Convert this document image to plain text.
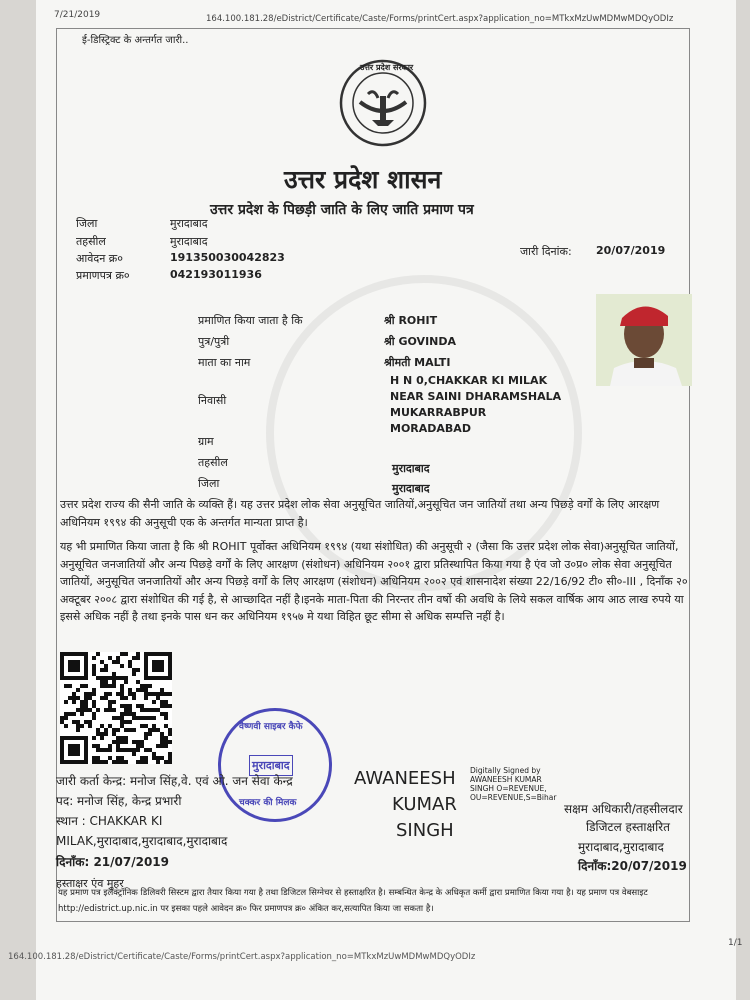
7/21/2019	164.100.181.28/eDistrict/Certificate/Caste/Forms/printCert.aspx?application_no=MTkxMzUwMDMwMDQyODIz
ई-डिस्ट्रिक्ट के अन्तर्गत जारी..
उत्तर प्रदेश सरकार
उत्तर प्रदेश शासन
उत्तर प्रदेश के पिछड़ी जाति के लिए जाति प्रमाण पत्र
जिला	मुरादाबाद
तहसील	मुरादाबाद
आवेदन क्र०	191350030042823
प्रमाणपत्र क्र०	042193011936
जारी दिनांक: 20/07/2019
प्रमाणित किया जाता है कि	श्री ROHIT
पुत्र/पुत्री	श्री GOVINDA
माता का नाम	श्रीमती MALTI
निवासी
H N 0,CHAKKAR KI MILAK
NEAR SAINI DHARAMSHALA
MUKARRABPUR
MORADABAD
ग्राम
तहसील	मुरादाबाद
जिला	मुरादाबाद
उत्तर प्रदेश राज्य की सैनी जाति के व्यक्ति हैं। यह उत्तर प्रदेश लोक सेवा अनुसूचित जातियों,अनुसूचित जन जातियों तथा अन्य पिछड़े वर्गों के लिए आरक्षण अधिनियम १९९४ की अनुसूची एक के अन्तर्गत मान्यता प्राप्त है।
यह भी प्रमाणित किया जाता है कि श्री ROHIT पूर्वोक्त अधिनियम १९९४ (यथा संशोधित) की अनुसूची २ (जैसा कि उत्तर प्रदेश लोक सेवा)अनुसूचित जातियों, अनुसूचित जनजातियों और अन्य पिछड़े वर्गों के लिए आरक्षण (संशोधन) अधिनियम २००१ द्वारा प्रतिस्थापित किया गया है एंव जो उ०प्र० लोक सेवा अनुसूचित जातियों, अनुसूचित जनजातियों और अन्य पिछड़े वर्गों के लिए आरक्षण (संशोधन) अधिनियम २००२ एवं शासनादेश संख्या 22/16/92 टी० सी०-III , दिनाँक २० अक्टूबर २००८ द्वारा संशोधित की गई है, से आच्छादित नहीं है।इनके माता-पिता की निरन्तर तीन वर्षो की अवधि के लिये सकल वार्षिक आय आठ लाख रुपये या इससे अधिक नहीं है तथा इनके पास धन कर अधिनियम १९५७ मे यथा विहित छूट सीमा से अधिक सम्पत्ति नहीं है।
वैष्णवी साइबर कैफे
मुरादाबाद
चक्कर की मिलक
जारी कर्ता केन्द्र: मनोज सिंह,वे. एवं ओ. जन सेवा केन्द्र
पद: मनोज सिंह, केन्द्र प्रभारी
स्थान : CHAKKAR KI
MILAK,मुरादाबाद,मुरादाबाद,मुरादाबाद
दिनाँक: 21/07/2019
हस्ताक्षर एंव मुहर
AWANEESH
KUMAR
SINGH
Digitally Signed by
AWANEESH KUMAR
SINGH O=REVENUE,
OU=REVENUE,S=Bihar
सक्षम अधिकारी/तहसीलदार
डिजिटल हस्ताक्षरित
मुरादाबाद,मुरादाबाद
दिनाँक:20/07/2019
यह प्रमाण पत्र इलेक्ट्रॉनिक डिलिवरी सिस्टम द्वारा तैयार किया गया है तथा डिजिटल सिग्नेचर से हस्ताक्षरित है। सम्बन्धित केन्द्र के अधिकृत कर्मी द्वारा प्रमाणित किया गया है। यह प्रमाण पत्र वेबसाइट http://edistrict.up.nic.in पर इसका पहले आवेदन क्र० फिर प्रमाणपत्र क्र० अंकित कर,सत्यापित किया जा सकता है।
1/1
164.100.181.28/eDistrict/Certificate/Caste/Forms/printCert.aspx?application_no=MTkxMzUwMDMwMDQyODIz
